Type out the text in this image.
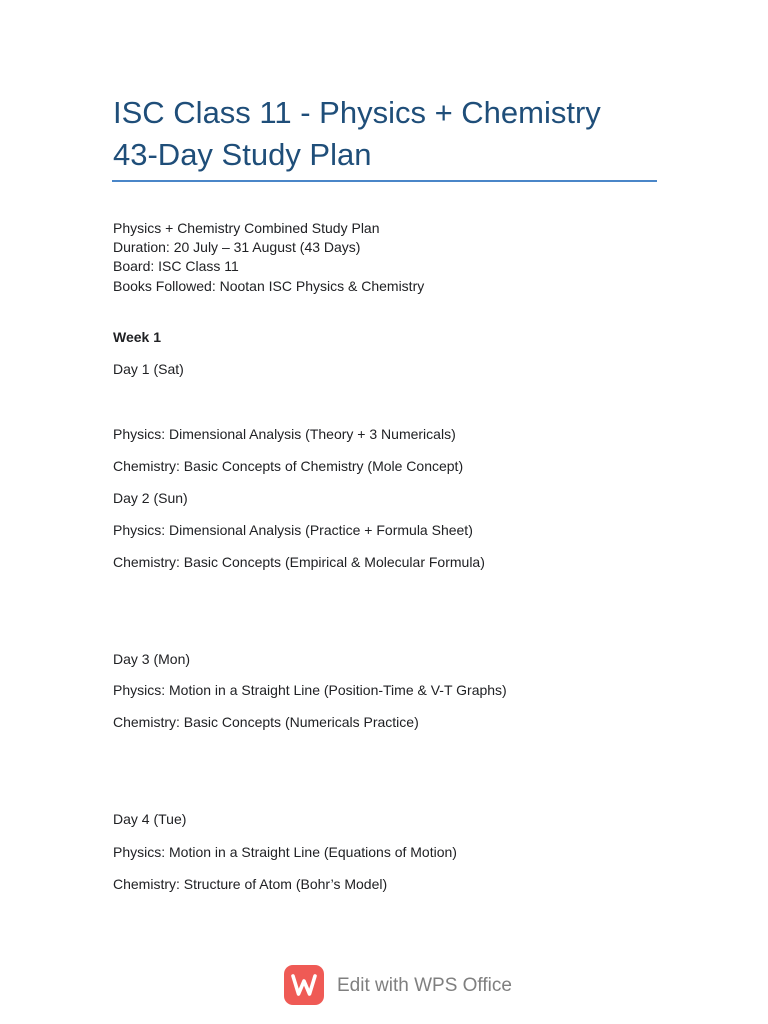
ISC Class 11 - Physics + Chemistry
43-Day Study Plan

Physics + Chemistry Combined Study Plan

Duration: 20 July – 31 August (43 Days)

Board: ISC Class 11

Books Followed: Nootan ISC Physics & Chemistry

Week 1

Day 1 (Sat)

Physics: Dimensional Analysis (Theory + 3 Numericals)

Chemistry: Basic Concepts of Chemistry (Mole Concept)

Day 2 (Sun)

Physics: Dimensional Analysis (Practice + Formula Sheet)

Chemistry: Basic Concepts (Empirical & Molecular Formula)

Day 3 (Mon)

Physics: Motion in a Straight Line (Position-Time & V-T Graphs)

Chemistry: Basic Concepts (Numericals Practice)

Day 4 (Tue)

Physics: Motion in a Straight Line (Equations of Motion)

Chemistry: Structure of Atom (Bohr’s Model)

Edit with WPS Office
